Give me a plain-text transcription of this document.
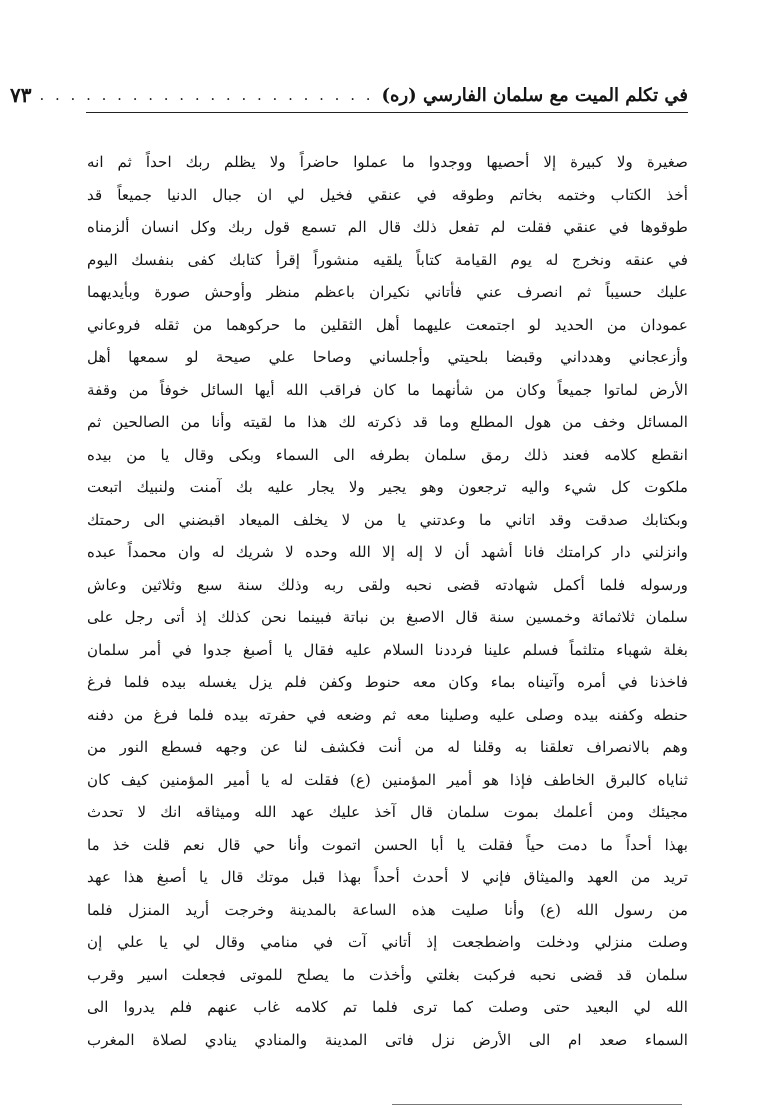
في تكلم الميت مع سلمان الفارسي (ره)
. . . . . . . . . . . . . . . . . . . . . .
٧٣
صغيرة ولا كبيرة إلا أحصيها ووجدوا ما عملوا حاضراً ولا يظلم ربك احداً ثم انه
أخذ الكتاب وختمه بخاتم وطوقه في عنقي فخيل لي ان جبال الدنيا جميعاً قد
طوقوها في عنقي فقلت لم تفعل ذلك قال الم تسمع قول ربك وكل انسان ألزمناه
في عنقه ونخرج له يوم القيامة كتاباً يلقيه منشوراً إقرأ كتابك كفى بنفسك اليوم
عليك حسيباً ثم انصرف عني فأتاني نكيران باعظم منظر وأوحش صورة وبأيديهما
عمودان من الحديد لو اجتمعت عليهما أهل الثقلين ما حركوهما من ثقله فروعاني
وأزعجاني وهدداني وقبضا بلحيتي وأجلساني وصاحا علي صيحة لو سمعها أهل
الأرض لماتوا جميعاً وكان من شأنهما ما كان فراقب الله أيها السائل خوفاً من وقفة
المسائل وخف من هول المطلع وما قد ذكرته لك هذا ما لقيته وأنا من الصالحين ثم
انقطع كلامه فعند ذلك رمق سلمان بطرفه الى السماء وبكى وقال يا من بيده
ملكوت كل شيء واليه ترجعون وهو يجير ولا يجار عليه بك آمنت ولنبيك اتبعت
وبكتابك صدقت وقد اتاني ما وعدتني يا من لا يخلف الميعاد اقبضني الى رحمتك
وانزلني دار كرامتك فانا أشهد أن لا إله إلا الله وحده لا شريك له وان محمداً عبده
ورسوله فلما أكمل شهادته قضى نحبه ولقى ربه وذلك سنة سبع وثلاثين وعاش
سلمان ثلاثمائة وخمسين سنة قال الاصبغ بن نباتة فبينما نحن كذلك إذ أتى رجل على
بغلة شهباء متلثماً فسلم علينا فرددنا السلام عليه فقال يا أصبغ جدوا في أمر سلمان
فاخذنا في أمره وآتيناه بماء وكان معه حنوط وكفن فلم يزل يغسله بيده فلما فرغ
حنطه وكفنه بيده وصلى عليه وصلينا معه ثم وضعه في حفرته بيده فلما فرغ من دفنه
وهم بالانصراف تعلقنا به وقلنا له من أنت فكشف لنا عن وجهه فسطع النور من
ثناياه كالبرق الخاطف فإذا هو أمير المؤمنين (ع) فقلت له يا أمير المؤمنين كيف كان
مجيئك ومن أعلمك بموت سلمان قال آخذ عليك عهد الله وميثاقه انك لا تحدث
بهذا أحداً ما دمت حياً فقلت يا أبا الحسن اتموت وأنا حي قال نعم قلت خذ ما
تريد من العهد والميثاق فإني لا أحدث أحداً بهذا قبل موتك قال يا أصبغ هذا عهد
من رسول الله (ع) وأنا صليت هذه الساعة بالمدينة وخرجت أريد المنزل فلما
وصلت منزلي ودخلت واضطجعت إذ أتاني آت في منامي وقال لي يا علي إن
سلمان قد قضى نحبه فركبت بغلتي وأخذت ما يصلح للموتى فجعلت اسير وقرب
الله لي البعيد حتى وصلت كما ترى فلما تم كلامه غاب عنهم فلم يدروا الى
السماء صعد ام الى الأرض نزل فاتى المدينة والمنادي ينادي لصلاة المغرب
